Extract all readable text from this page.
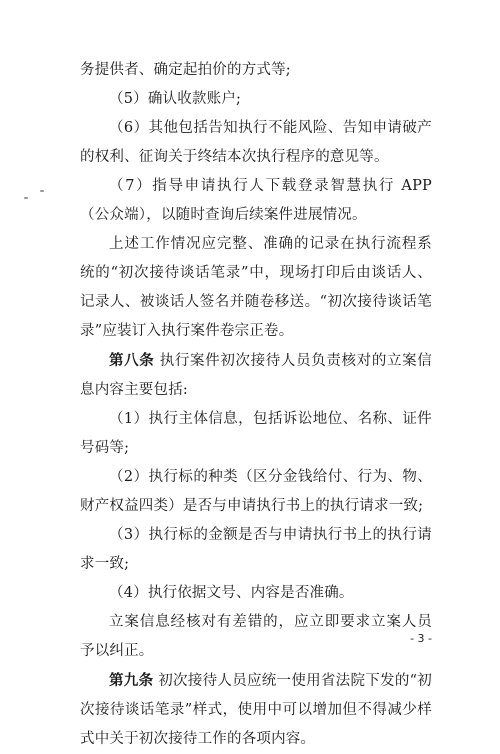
务提供者、确定起拍价的方式等;

（5）确认收款账户;

（6）其他包括告知执行不能风险、告知申请破产的权利、征询关于终结本次执行程序的意见等。

（7）指导申请执行人下载登录智慧执行 APP（公众端），以随时查询后续案件进展情况。

上述工作情况应完整、准确的记录在执行流程系统的“初次接待谈话笔录”中，现场打印后由谈话人、记录人、被谈话人签名并随卷移送。“初次接待谈话笔录”应装订入执行案件卷宗正卷。

第八条 执行案件初次接待人员负责核对的立案信息内容主要包括:

（1）执行主体信息，包括诉讼地位、名称、证件号码等;

（2）执行标的种类（区分金钱给付、行为、物、财产权益四类）是否与申请执行书上的执行请求一致;

（3）执行标的金额是否与申请执行书上的执行请求一致;

（4）执行依据文号、内容是否准确。

立案信息经核对有差错的，应立即要求立案人员予以纠正。

第九条 初次接待人员应统一使用省法院下发的“初次接待谈话笔录”样式，使用中可以增加但不得减少样式中关于初次接待工作的各项内容。

- 3 -
